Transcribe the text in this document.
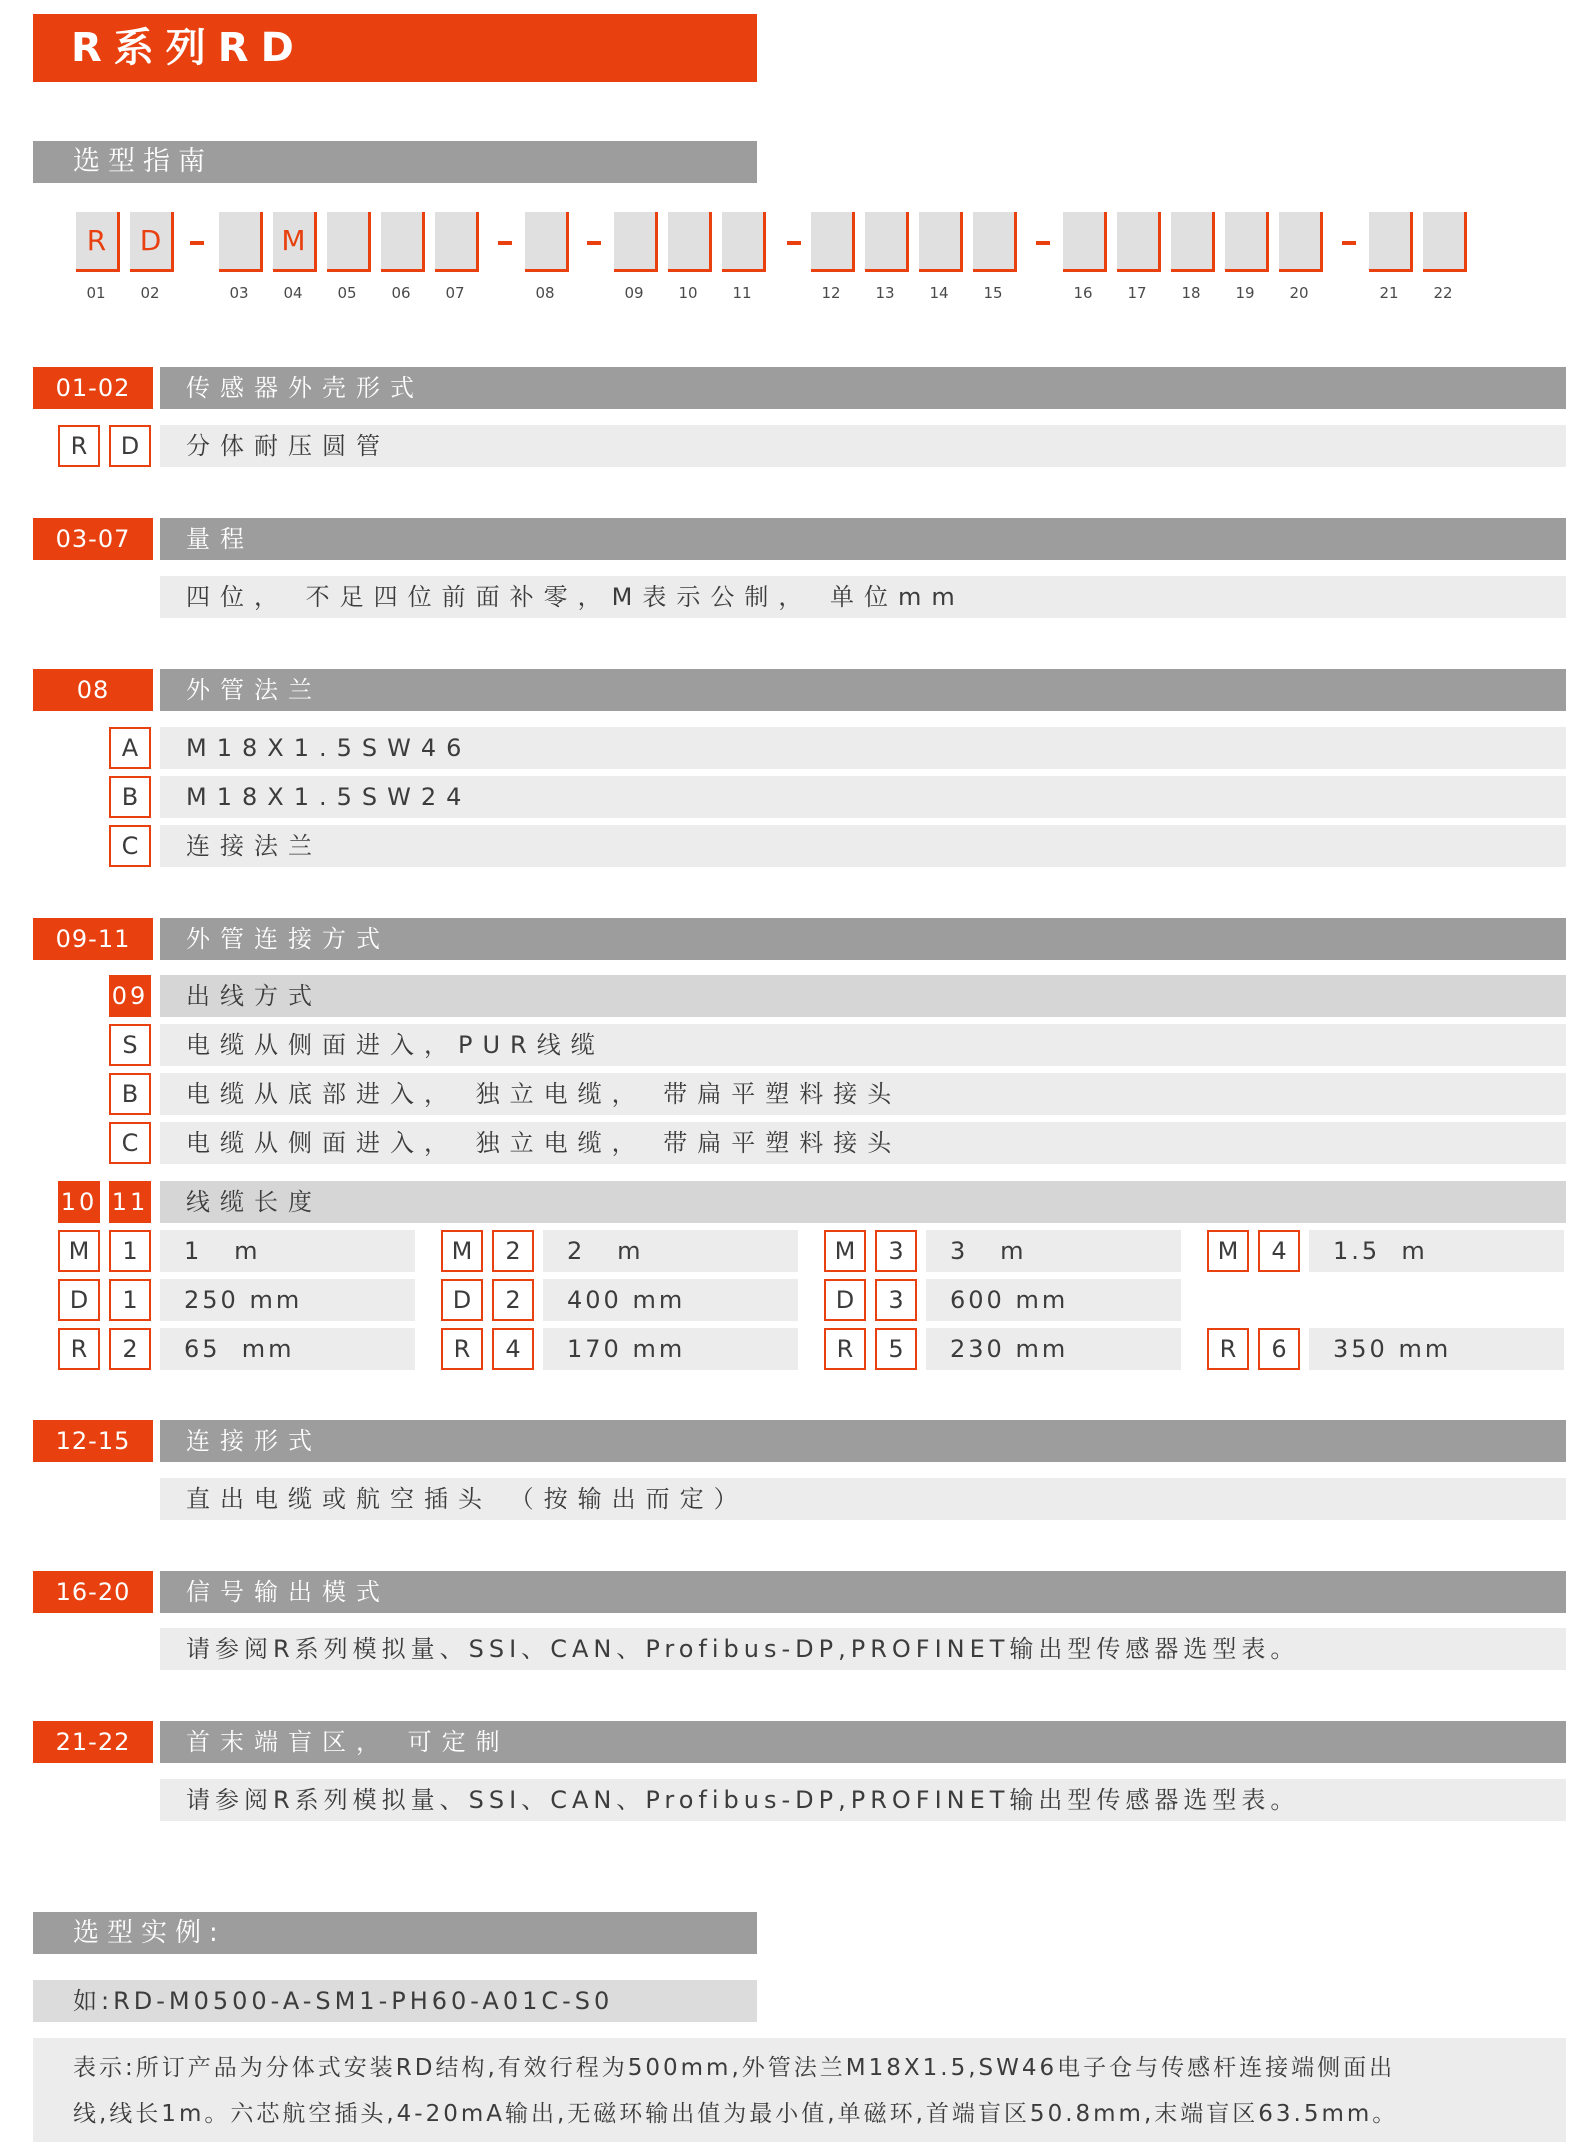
R系列RD
选型指南
R
01
D
02	03
M
04	05	06	07	08	09	10	11	12	13	14	15	16	17	18	19	20	21	22
01-02	传感器外壳形式
R	D	分体耐压圆管
03-07	量程
四位， 不足四位前面补零，M表示公制， 单位mm
08	外管法兰
A	M18X1.5SW46
B	M18X1.5SW24
C	连接法兰
09-11	外管连接方式
09	出线方式
S	电缆从侧面进入，PUR线缆
B	电缆从底部进入， 独立电缆， 带扁平塑料接头
C	电缆从侧面进入， 独立电缆， 带扁平塑料接头
10 11	线缆长度
M	1	1   m	M	2	2   m	M	3	3   m	M	4	1.5  m
D	1	250 mm	D	2	400 mm	D	3	600 mm
R	2	65  mm	R	4	170 mm	R	5	230 mm	R	6	350 mm
12-15	连接形式
直出电缆或航空插头 （按输出而定）
16-20	信号输出模式
请参阅R系列模拟量、SSI、CAN、Profibus-DP,PROFINET输出型传感器选型表。
21-22	首末端盲区， 可定制
请参阅R系列模拟量、SSI、CAN、Profibus-DP,PROFINET输出型传感器选型表。
选型实例:
如:RD-M0500-A-SM1-PH60-A01C-S0
表示:所订产品为分体式安装RD结构,有效行程为500mm,外管法兰M18X1.5,SW46电子仓与传感杆连接端侧面出
线,线长1m。六芯航空插头,4-20mA输出,无磁环输出值为最小值,单磁环,首端盲区50.8mm,末端盲区63.5mm。
